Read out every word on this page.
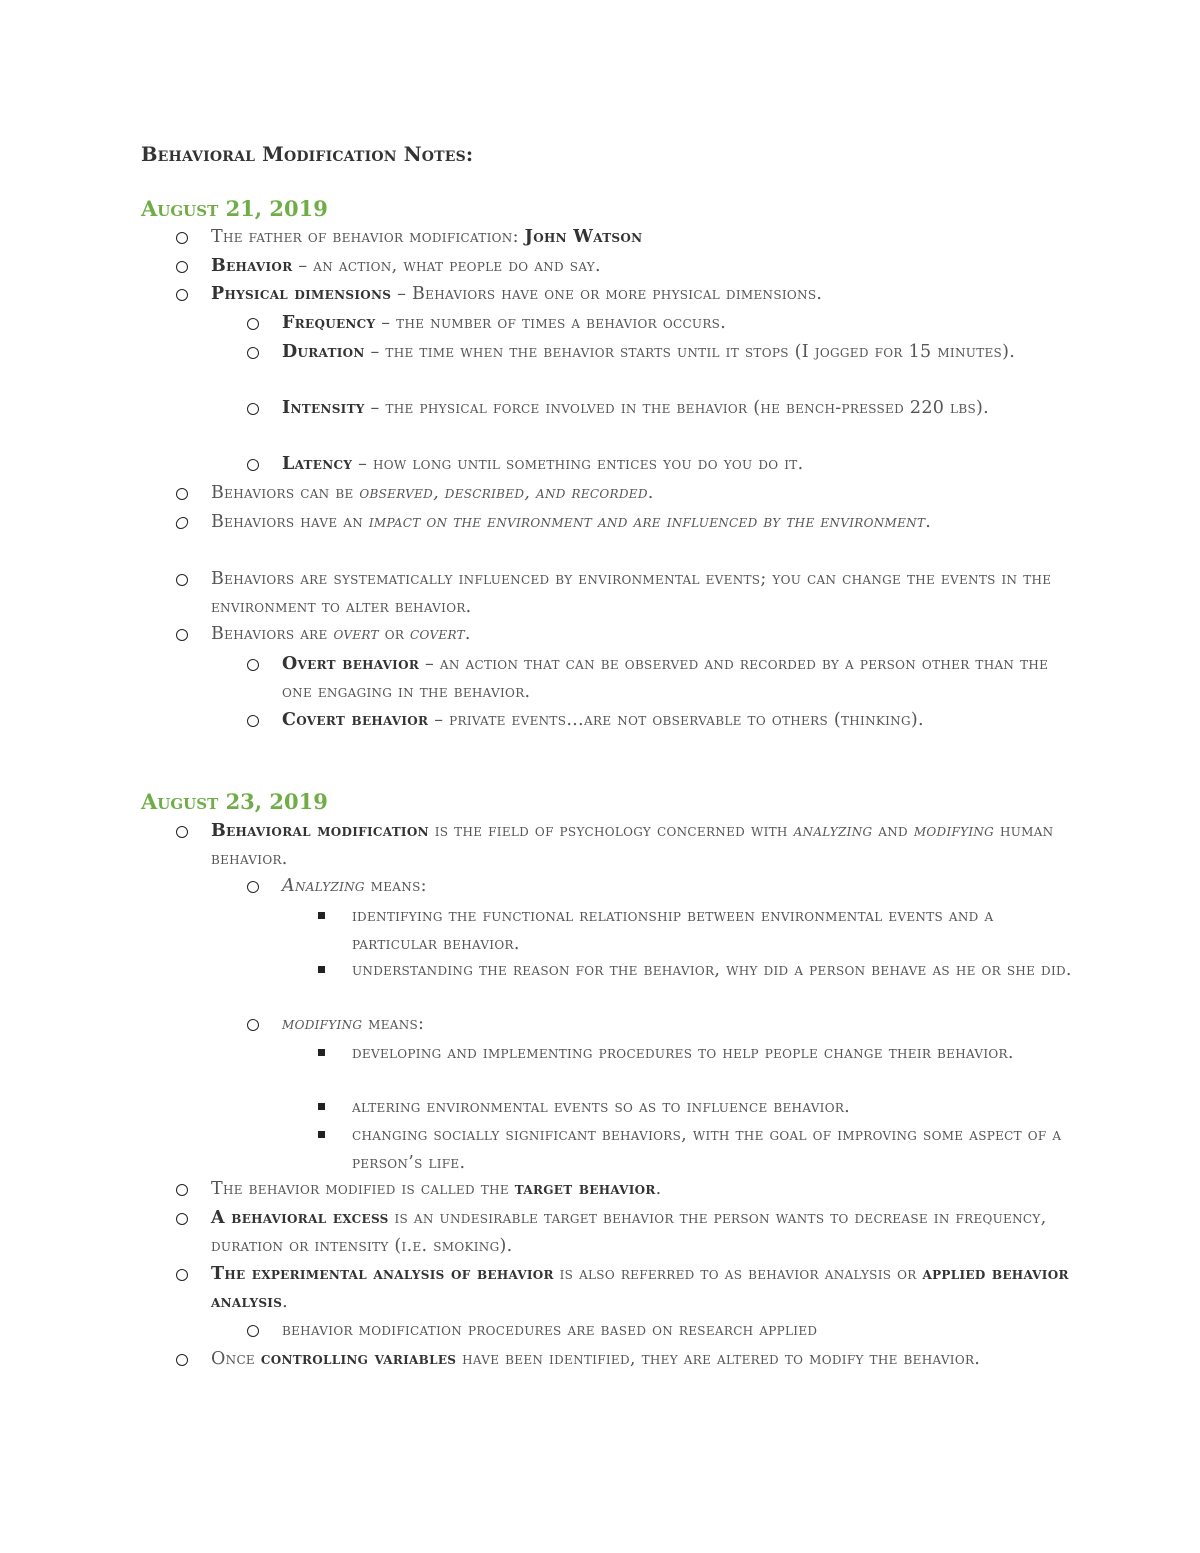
Behavioral Modification Notes:
August 21, 2019
The father of behavior modification: John Watson
Behavior – an action, what people do and say.
Physical dimensions – Behaviors have one or more physical dimensions.
Frequency – the number of times a behavior occurs.
Duration – the time when the behavior starts until it stops (I jogged for 15 minutes).
Intensity – the physical force involved in the behavior (he bench-pressed 220 lbs).
Latency – how long until something entices you do you do it.
Behaviors can be observed, described, and recorded.
Behaviors have an impact on the environment and are influenced by the environment.
Behaviors are systematically influenced by environmental events; you can change the events in the environment to alter behavior.
Behaviors are overt or covert.
Overt behavior – an action that can be observed and recorded by a person other than the one engaging in the behavior.
Covert behavior – private events…are not observable to others (thinking).
August 23, 2019
Behavioral modification is the field of psychology concerned with analyzing and modifying human behavior.
Analyzing means:
identifying the functional relationship between environmental events and a particular behavior.
understanding the reason for the behavior, why did a person behave as he or she did.
modifying means:
developing and implementing procedures to help people change their behavior.
altering environmental events so as to influence behavior.
changing socially significant behaviors, with the goal of improving some aspect of a person’s life.
The behavior modified is called the target behavior.
A behavioral excess is an undesirable target behavior the person wants to decrease in frequency, duration or intensity (i.e. smoking).
The experimental analysis of behavior is also referred to as behavior analysis or applied behavior analysis.
behavior modification procedures are based on research applied
Once controlling variables have been identified, they are altered to modify the behavior.
